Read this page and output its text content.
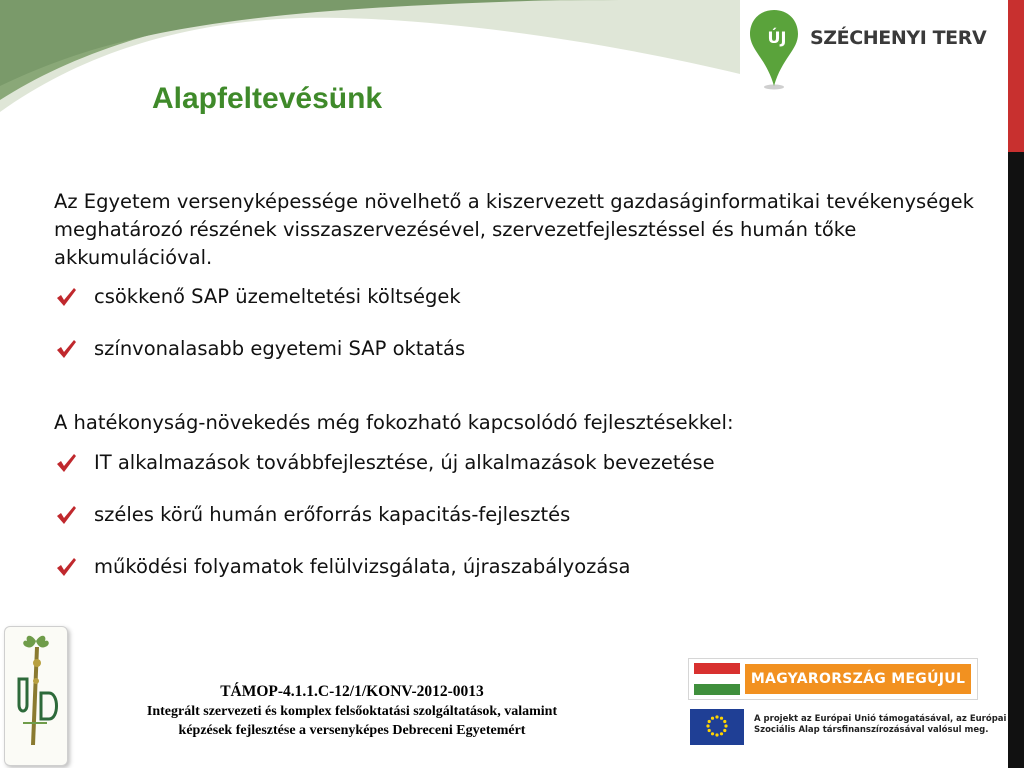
ÚJ	SZÉCHENYI TERV
Alapfeltevésünk

Az Egyetem versenyképessége növelhető a kiszervezett gazdaságinformatikai tevékenységek meghatározó részének visszaszervezésével, szervezetfejlesztéssel és humán tőke akkumulációval.

csökkenő SAP üzemeltetési költségek
színvonalasabb egyetemi SAP oktatás

A hatékonyság-növekedés még fokozható kapcsolódó fejlesztésekkel:

IT alkalmazások továbbfejlesztése, új alkalmazások bevezetése
széles körű humán erőforrás kapacitás-fejlesztés
működési folyamatok felülvizsgálata, újraszabályozása
TÁMOP-4.1.1.C-12/1/KONV-2012-0013
Integrált szervezeti és komplex felsőoktatási szolgáltatások, valamint
képzések fejlesztése a versenyképes Debreceni Egyetemért
MAGYARORSZÁG MEGÚJUL
A projekt az Európai Unió támogatásával, az Európai
Szociális Alap társfinanszírozásával valósul meg.
